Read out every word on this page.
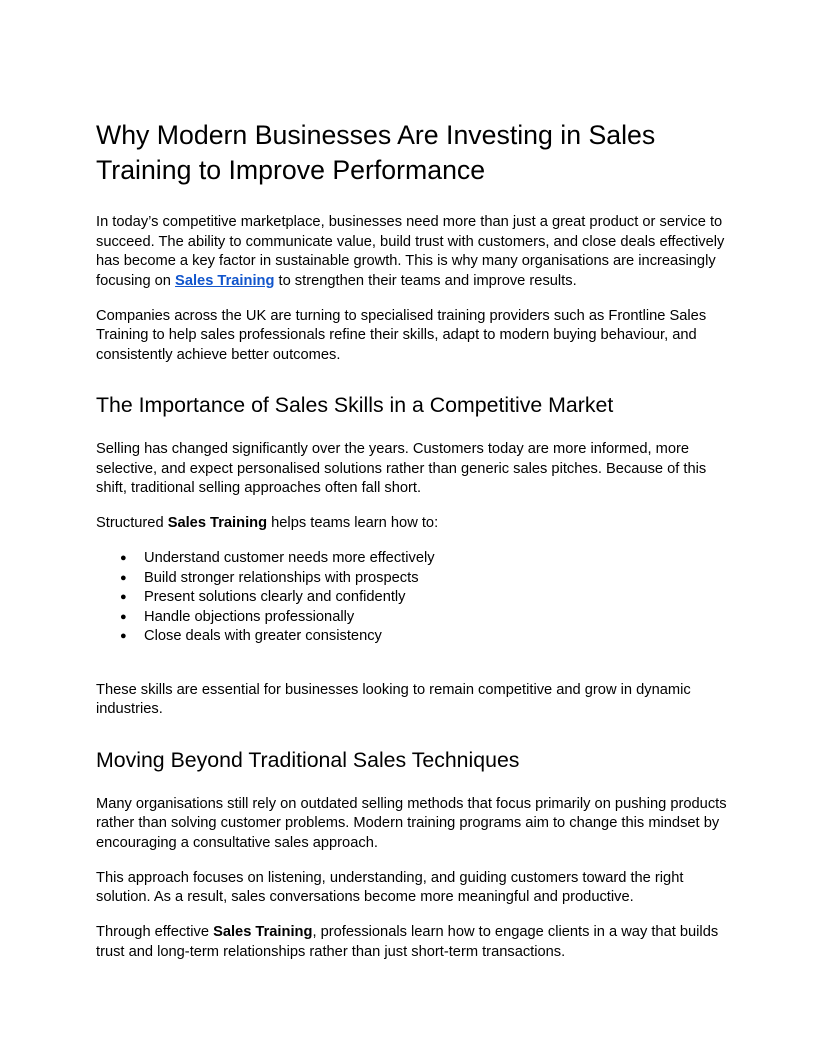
Why Modern Businesses Are Investing in Sales Training to Improve Performance

In today’s competitive marketplace, businesses need more than just a great product or service to succeed. The ability to communicate value, build trust with customers, and close deals effectively has become a key factor in sustainable growth. This is why many organisations are increasingly focusing on Sales Training to strengthen their teams and improve results.

Companies across the UK are turning to specialised training providers such as Frontline Sales Training to help sales professionals refine their skills, adapt to modern buying behaviour, and consistently achieve better outcomes.

The Importance of Sales Skills in a Competitive Market

Selling has changed significantly over the years. Customers today are more informed, more selective, and expect personalised solutions rather than generic sales pitches. Because of this shift, traditional selling approaches often fall short.

Structured Sales Training helps teams learn how to:

● Understand customer needs more effectively
● Build stronger relationships with prospects
● Present solutions clearly and confidently
● Handle objections professionally
● Close deals with greater consistency

These skills are essential for businesses looking to remain competitive and grow in dynamic industries.

Moving Beyond Traditional Sales Techniques

Many organisations still rely on outdated selling methods that focus primarily on pushing products rather than solving customer problems. Modern training programs aim to change this mindset by encouraging a consultative sales approach.

This approach focuses on listening, understanding, and guiding customers toward the right solution. As a result, sales conversations become more meaningful and productive.

Through effective Sales Training, professionals learn how to engage clients in a way that builds trust and long-term relationships rather than just short-term transactions.
